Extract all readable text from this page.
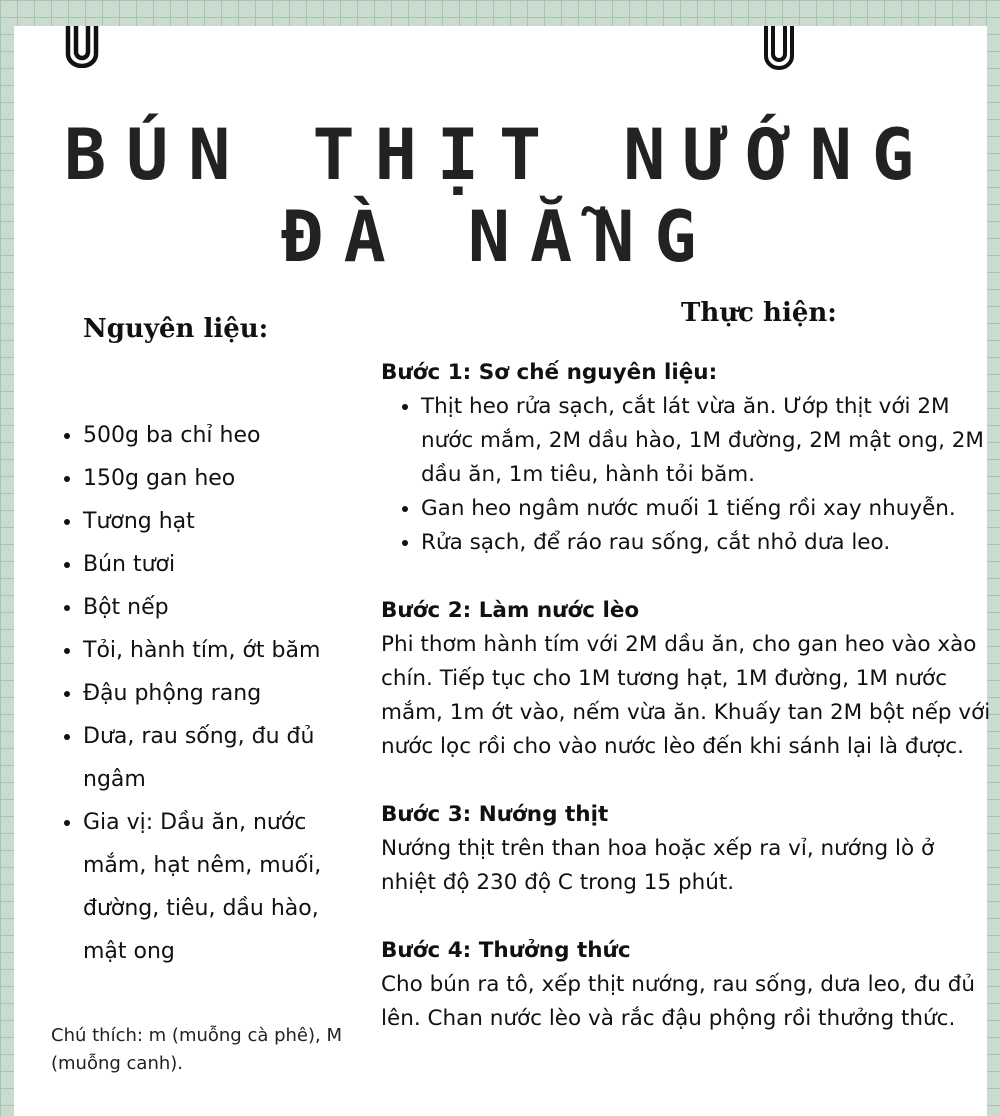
BÚN THỊT NƯỚNG
ĐÀ NẴNG
Nguyên liệu:
• 500g ba chỉ heo
• 150g gan heo
• Tương hạt
• Bún tươi
• Bột nếp
• Tỏi, hành tím, ớt băm
• Đậu phộng rang
• Dưa, rau sống, đu đủ ngâm
• Gia vị: Dầu ăn, nước mắm, hạt nêm, muối, đường, tiêu, dầu hào, mật ong

Chú thích: m (muỗng cà phê), M (muỗng canh).

Thực hiện:
Bước 1: Sơ chế nguyên liệu:
• Thịt heo rửa sạch, cắt lát vừa ăn. Ướp thịt với 2M nước mắm, 2M dầu hào, 1M đường, 2M mật ong, 2M dầu ăn, 1m tiêu, hành tỏi băm.
• Gan heo ngâm nước muối 1 tiếng rồi xay nhuyễn.
• Rửa sạch, để ráo rau sống, cắt nhỏ dưa leo.
Bước 2: Làm nước lèo

Phi thơm hành tím với 2M dầu ăn, cho gan heo vào xào chín. Tiếp tục cho 1M tương hạt, 1M đường, 1M nước mắm, 1m ớt vào, nếm vừa ăn. Khuấy tan 2M bột nếp với nước lọc rồi cho vào nước lèo đến khi sánh lại là được.

Bước 3: Nướng thịt

Nướng thịt trên than hoa hoặc xếp ra vỉ, nướng lò ở nhiệt độ 230 độ C trong 15 phút.

Bước 4: Thưởng thức

Cho bún ra tô, xếp thịt nướng, rau sống, dưa leo, đu đủ lên. Chan nước lèo và rắc đậu phộng rồi thưởng thức.
